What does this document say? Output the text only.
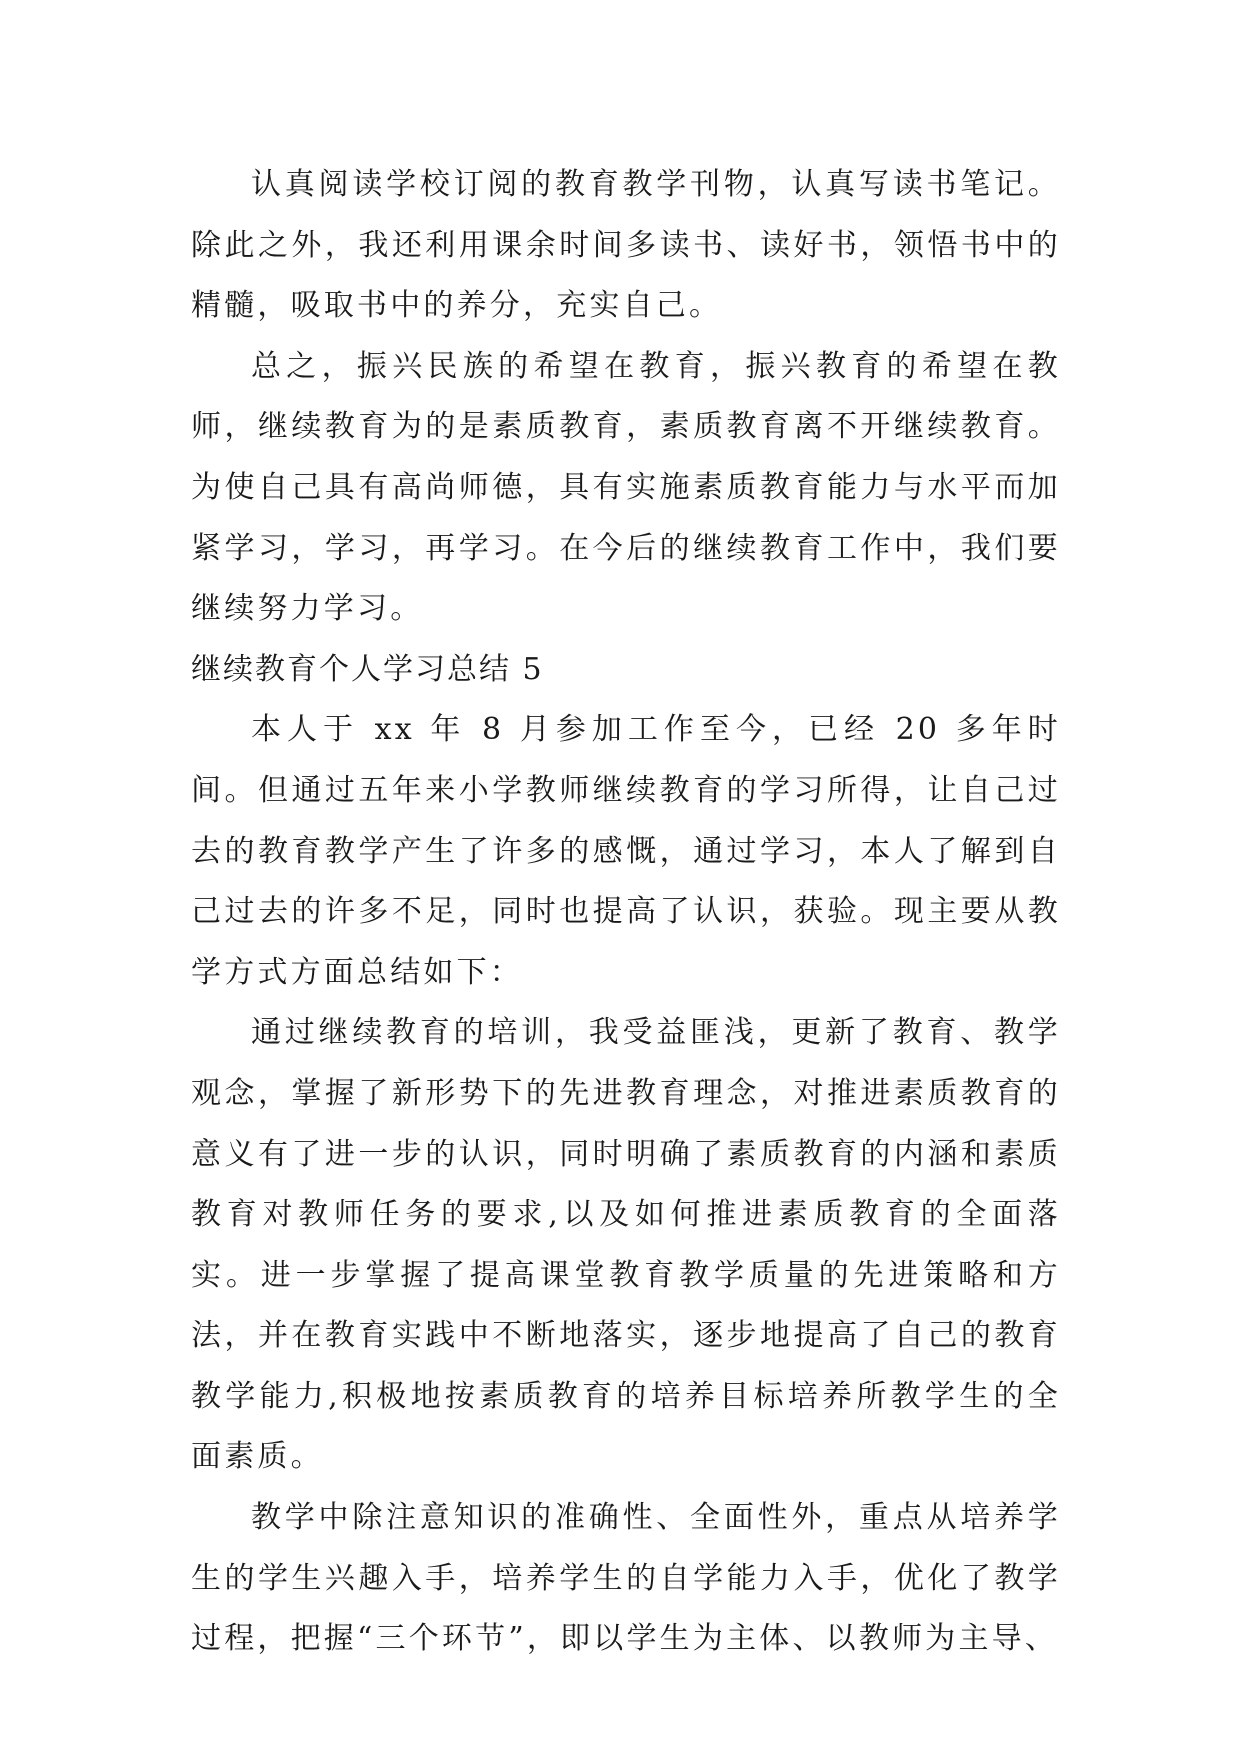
认真阅读学校订阅的教育教学刊物，认真写读书笔记。除此之外，我还利用课余时间多读书、读好书，领悟书中的精髓，吸取书中的养分，充实自己。

总之，振兴民族的希望在教育，振兴教育的希望在教师，继续教育为的是素质教育，素质教育离不开继续教育。为使自己具有高尚师德，具有实施素质教育能力与水平而加紧学习，学习，再学习。在今后的继续教育工作中，我们要继续努力学习。

继续教育个人学习总结 5

本人于 xx 年 8 月参加工作至今，已经 20 多年时间。但通过五年来小学教师继续教育的学习所得，让自己过去的教育教学产生了许多的感慨，通过学习，本人了解到自己过去的许多不足，同时也提高了认识，获验。现主要从教学方式方面总结如下：

通过继续教育的培训，我受益匪浅，更新了教育、教学观念，掌握了新形势下的先进教育理念，对推进素质教育的意义有了进一步的认识，同时明确了素质教育的内涵和素质教育对教师任务的要求,以及如何推进素质教育的全面落实。进一步掌握了提高课堂教育教学质量的先进策略和方法，并在教育实践中不断地落实，逐步地提高了自己的教育教学能力,积极地按素质教育的培养目标培养所教学生的全面素质。

教学中除注意知识的准确性、全面性外，重点从培养学生的学生兴趣入手，培养学生的自学能力入手，优化了教学过程，把握“三个环节”，即以学生为主体、以教师为主导、
